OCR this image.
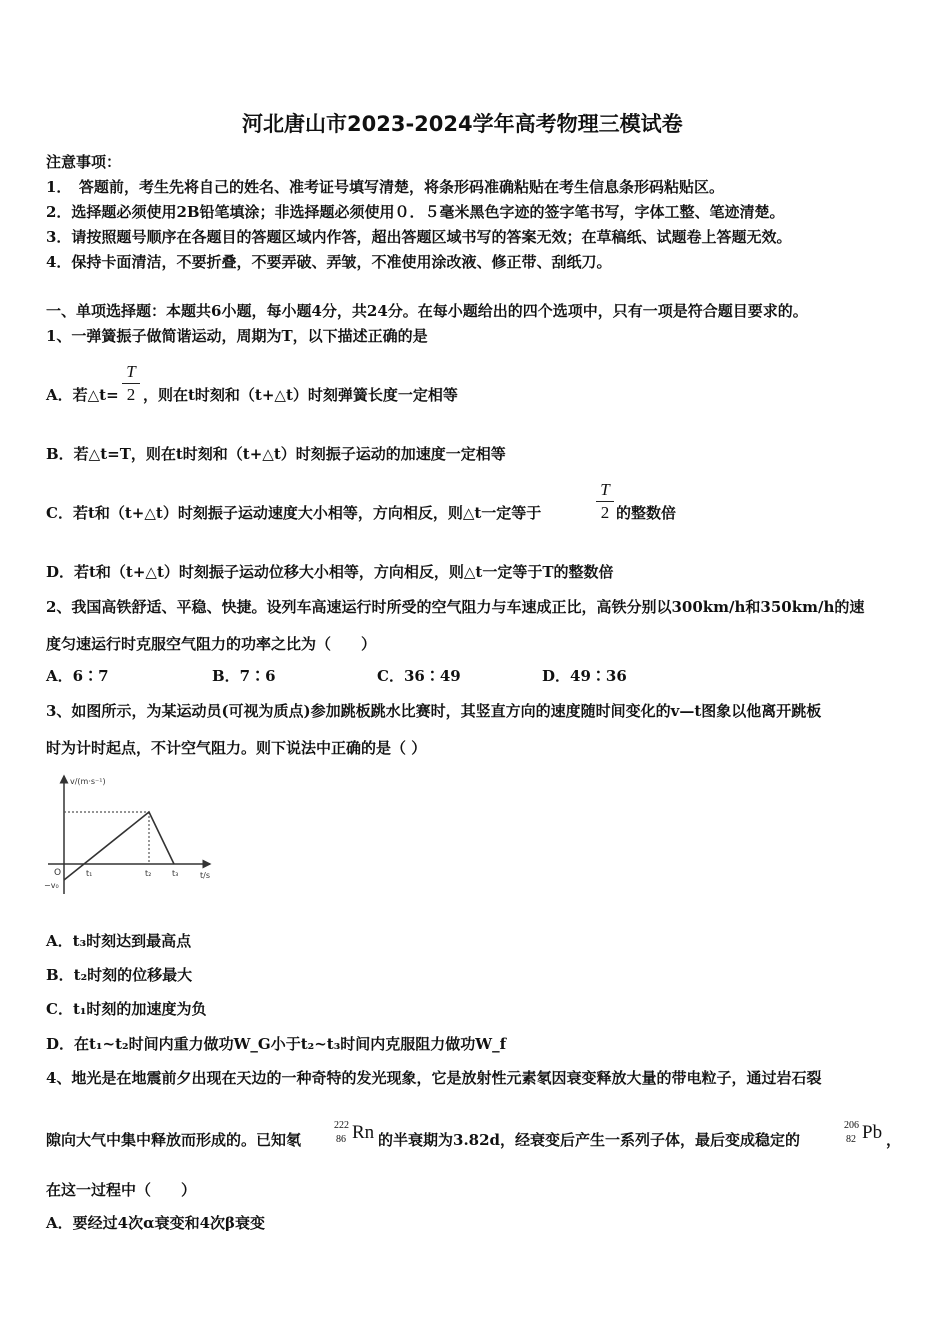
河北唐山市2023-2024学年高考物理三模试卷
注意事项：
1．　答题前，考生先将自己的姓名、准考证号填写清楚，将条形码准确粘贴在考生信息条形码粘贴区。
2．选择题必须使用2B铅笔填涂；非选择题必须使用０．５毫米黑色字迹的签字笔书写，字体工整、笔迹清楚。
3．请按照题号顺序在各题目的答题区域内作答，超出答题区域书写的答案无效；在草稿纸、试题卷上答题无效。
4．保持卡面清洁，不要折叠，不要弄破、弄皱，不准使用涂改液、修正带、刮纸刀。
一、单项选择题：本题共6小题，每小题4分，共24分。在每小题给出的四个选项中，只有一项是符合题目要求的。
1、一弹簧振子做简谐运动，周期为T，以下描述正确的是
A．若△t=
T
2 ，则在t时刻和（t+△t）时刻弹簧长度一定相等
B．若△t=T，则在t时刻和（t+△t）时刻振子运动的加速度一定相等
C．若t和（t+△t）时刻振子运动速度大小相等，方向相反，则△t一定等于
T
2 的整数倍
D．若t和（t+△t）时刻振子运动位移大小相等，方向相反，则△t一定等于T的整数倍
2、我国高铁舒适、平稳、快捷。设列车高速运行时所受的空气阻力与车速成正比，高铁分别以300km/h和350km/h的速
度匀速运行时克服空气阻力的功率之比为（　　）
A．6∶7	B．7∶6	C．36∶49	D．49∶36
3、如图所示，为某运动员(可视为质点)参加跳板跳水比赛时，其竖直方向的速度随时间变化的v—t图象以他离开跳板
时为计时起点，不计空气阻力。则下说法中正确的是（ ）
v/(m·s⁻¹)
t/s
O
−v₀
t₁	t₂	t₃
A．t₃时刻达到最高点
B．t₂时刻的位移最大
C．t₁时刻的加速度为负
D．在t₁~t₂时间内重力做功W_G小于t₂~t₃时间内克服阻力做功W_f
4、地光是在地震前夕出现在天边的一种奇特的发光现象，它是放射性元素氡因衰变释放大量的带电粒子，通过岩石裂
隙向大气中集中释放而形成的。已知氡
222
86 Rn 的半衰期为3.82d，经衰变后产生一系列子体，最后变成稳定的
206
82 Pb ，
在这一过程中（　　）
A．要经过4次α衰变和4次β衰变
